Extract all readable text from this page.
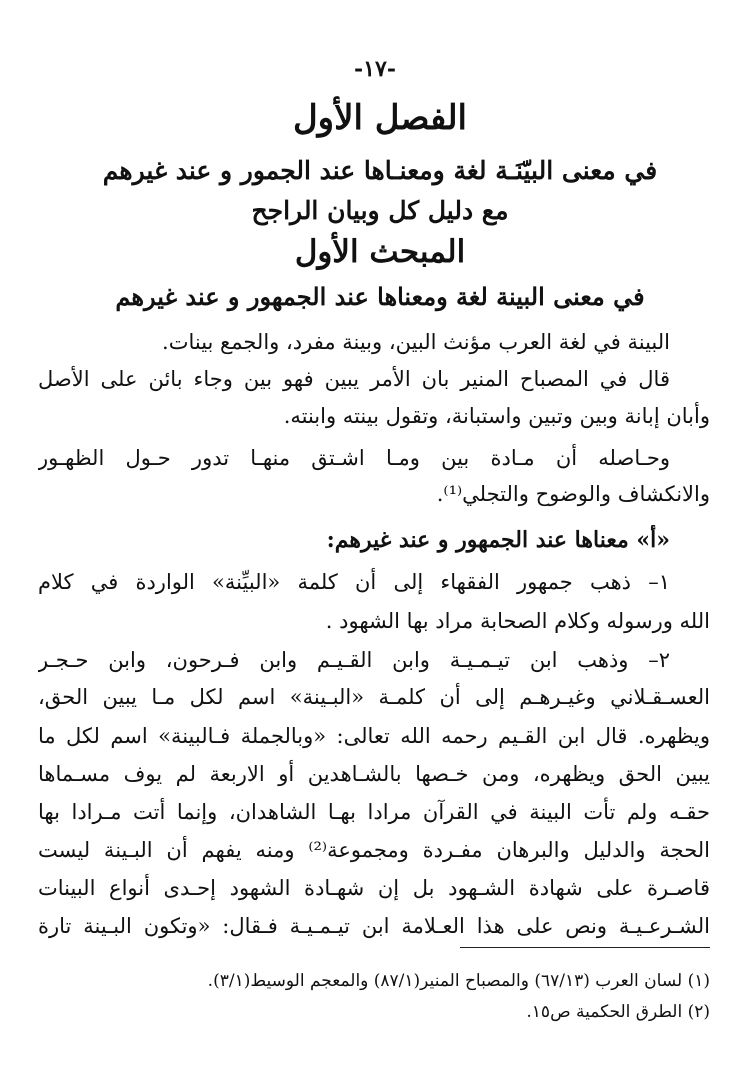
-١٧-
الفصل الأول
في معنى البيّنَـة لغة ومعنـاها عند الجمور و عند غيرهم
مع دليل كل وبيان الراجح
المبحث الأول
في معنى البينة لغة ومعناها عند الجمهور و عند غيرهم
البينة في لغة العرب مؤنث البين، وبينة مفرد، والجمع بينات.
قال في المصباح المنير بان الأمر يبين فهو بين وجاء بائن على الأصل
وأبان إبانة وبين وتبين واستبانة، وتقول بينته وابنته.
وحـاصله أن مـادة بين ومـا اشـتق منهـا تدور حـول الظهـور
والانكشاف والوضوح والتجلي⁽¹⁾.
«أ» معناها عند الجمهور و عند غيرهم:
١– ذهب جمهور الفقهاء إلى أن كلمة «البيِّنة» الواردة في كلام
الله ورسوله وكلام الصحابة مراد بها الشهود .
٢– وذهب ابن تيـمـيـة وابن القـيـم وابن فـرحون، وابن حـجـر
العسـقـلاني وغيـرهـم إلى أن كلمـة «البـينة» اسم لكل مـا يبين الحق،
ويظهره. قال ابن القـيم رحمه الله تعالى: «وبالجملة فـالبينة» اسم لكل ما
يبين الحق ويظهره، ومن خـصها بالشـاهدين أو الاربعة لم يوف مسـماها
حقـه ولم تأت البينة في القرآن مرادا بهـا الشاهدان، وإنما أتت مـرادا بها
الحجة والدليل والبرهان مفـردة ومجموعة⁽²⁾ ومنه يفهم أن البـينة ليست
قاصـرة على شهادة الشـهود بل إن شهـادة الشهود إحـدى أنواع البينات
الشـرعـيـة ونص على هذا العـلامة ابن تيـمـيـة فـقال: «وتكون البـينة تارة
(١) لسان العرب (٦٧/١٣) والمصباح المنير(٨٧/١) والمعجم الوسيط(٣/١).
(٢) الطرق الحكمية ص١٥.
